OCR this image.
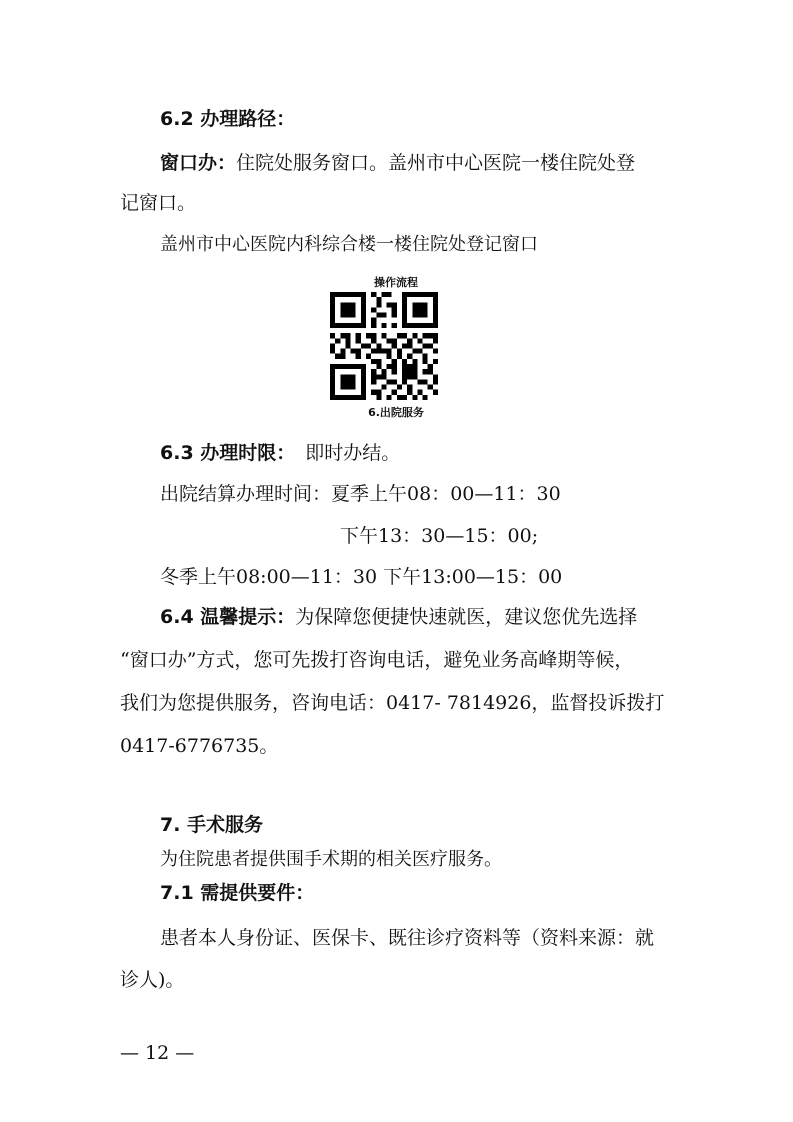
6.2 办理路径：
窗口办：住院处服务窗口。盖州市中心医院一楼住院处登
记窗口。
盖州市中心医院内科综合楼一楼住院处登记窗口
操作流程
6.出院服务
6.3 办理时限： 即时办结。
出院结算办理时间：夏季上午08：00—11：30
下午13：30—15：00;
冬季上午08:00—11：30 下午13:00—15：00
6.4 温馨提示：为保障您便捷快速就医，建议您优先选择
“窗口办”方式，您可先拨打咨询电话，避免业务高峰期等候，
我们为您提供服务，咨询电话：0417- 7814926，监督投诉拨打
0417-6776735。
7. 手术服务
为住院患者提供围手术期的相关医疗服务。
7.1 需提供要件：
患者本人身份证、医保卡、既往诊疗资料等（资料来源：就
诊人)。
— 12 —
